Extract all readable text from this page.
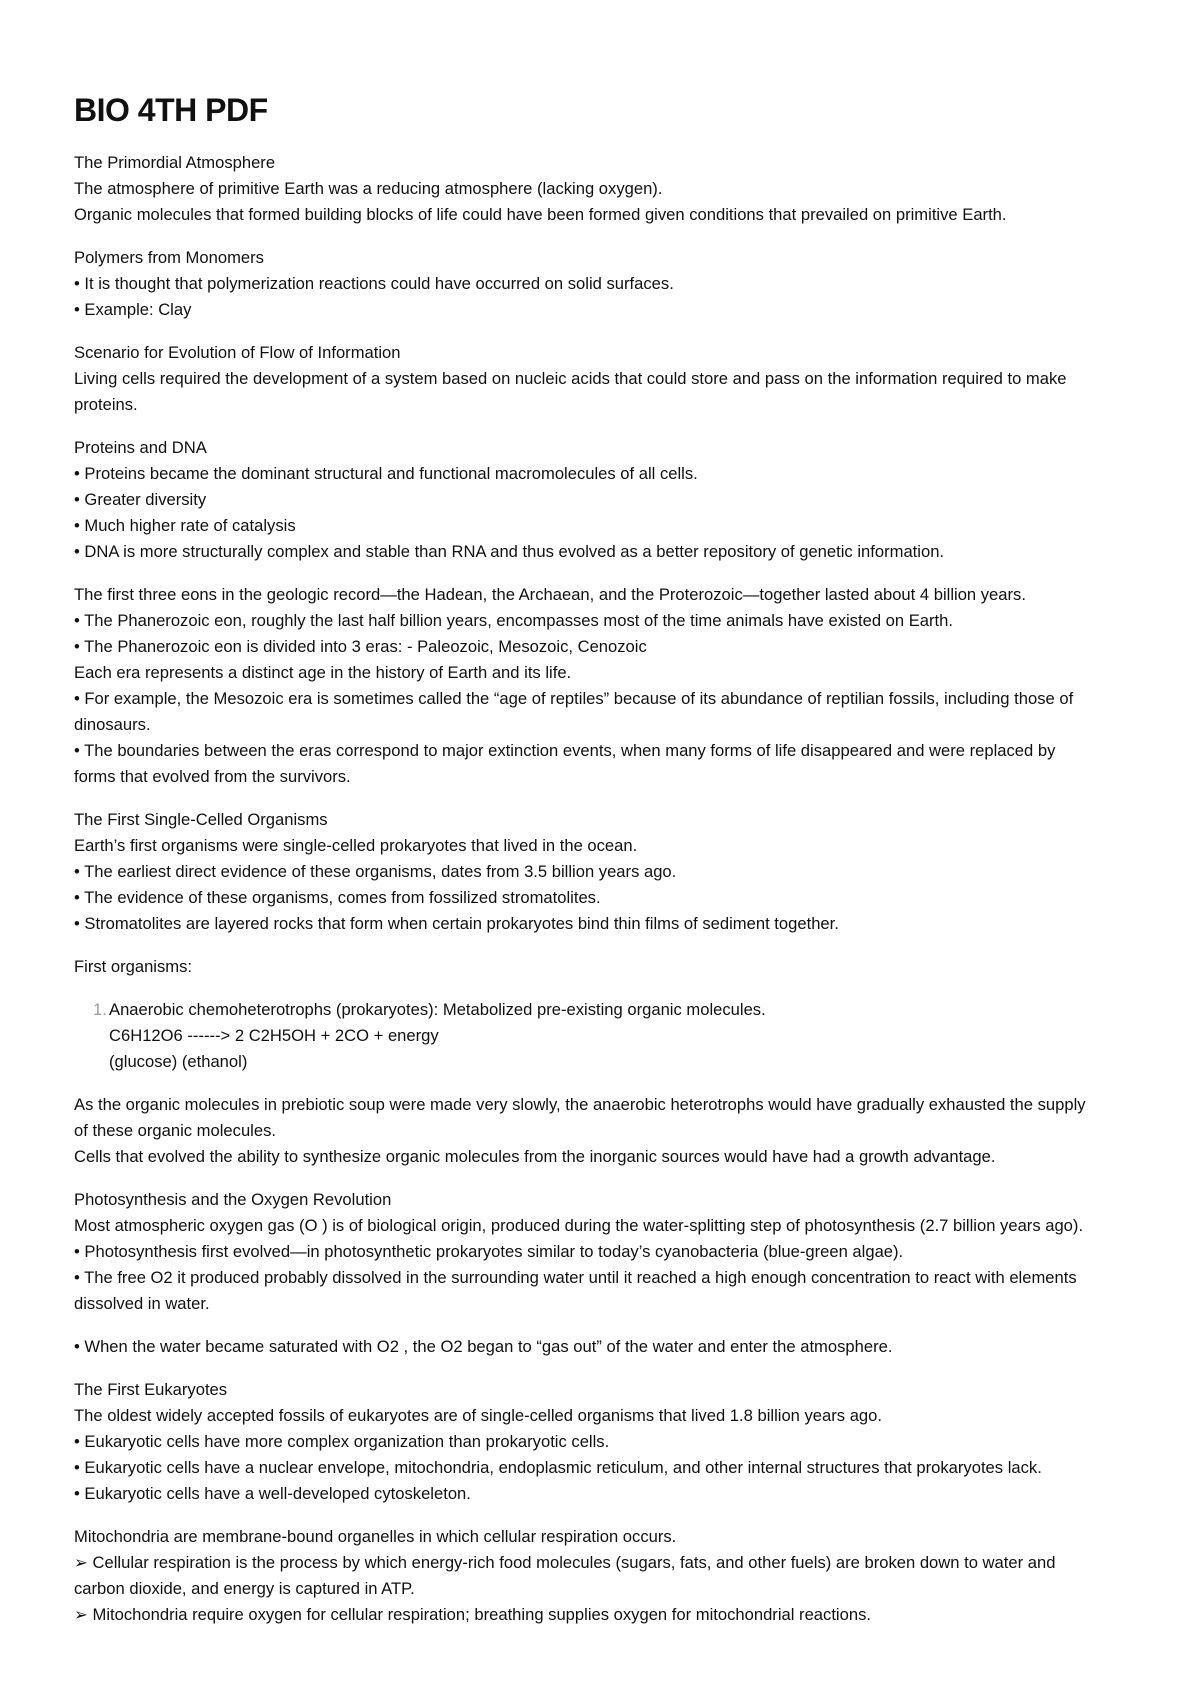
BIO 4TH PDF

The Primordial Atmosphere

The atmosphere of primitive Earth was a reducing atmosphere (lacking oxygen).

Organic molecules that formed building blocks of life could have been formed given conditions that prevailed on primitive Earth.

Polymers from Monomers

• It is thought that polymerization reactions could have occurred on solid surfaces.

• Example: Clay

Scenario for Evolution of Flow of Information

Living cells required the development of a system based on nucleic acids that could store and pass on the information required to make

proteins.

Proteins and DNA

• Proteins became the dominant structural and functional macromolecules of all cells.

• Greater diversity

• Much higher rate of catalysis

• DNA is more structurally complex and stable than RNA and thus evolved as a better repository of genetic information.

The first three eons in the geologic record—the Hadean, the Archaean, and the Proterozoic—together lasted about 4 billion years.

• The Phanerozoic eon, roughly the last half billion years, encompasses most of the time animals have existed on Earth.

• The Phanerozoic eon is divided into 3 eras: - Paleozoic, Mesozoic, Cenozoic

Each era represents a distinct age in the history of Earth and its life.

• For example, the Mesozoic era is sometimes called the “age of reptiles” because of its abundance of reptilian fossils, including those of

dinosaurs.

• The boundaries between the eras correspond to major extinction events, when many forms of life disappeared and were replaced by

forms that evolved from the survivors.

The First Single-Celled Organisms

Earth’s first organisms were single-celled prokaryotes that lived in the ocean.

• The earliest direct evidence of these organisms, dates from 3.5 billion years ago.

• The evidence of these organisms, comes from fossilized stromatolites.

• Stromatolites are layered rocks that form when certain prokaryotes bind thin films of sediment together.

First organisms:

1. Anaerobic chemoheterotrophs (prokaryotes): Metabolized pre-existing organic molecules.

C6H12O6 ------> 2 C2H5OH + 2CO + energy

(glucose) (ethanol)

As the organic molecules in prebiotic soup were made very slowly, the anaerobic heterotrophs would have gradually exhausted the supply

of these organic molecules.

Cells that evolved the ability to synthesize organic molecules from the inorganic sources would have had a growth advantage.

Photosynthesis and the Oxygen Revolution

Most atmospheric oxygen gas (O ) is of biological origin, produced during the water-splitting step of photosynthesis (2.7 billion years ago).

• Photosynthesis first evolved—in photosynthetic prokaryotes similar to today’s cyanobacteria (blue-green algae).

• The free O2 it produced probably dissolved in the surrounding water until it reached a high enough concentration to react with elements

dissolved in water.

• When the water became saturated with O2 , the O2 began to “gas out” of the water and enter the atmosphere.

The First Eukaryotes

The oldest widely accepted fossils of eukaryotes are of single-celled organisms that lived 1.8 billion years ago.

• Eukaryotic cells have more complex organization than prokaryotic cells.

• Eukaryotic cells have a nuclear envelope, mitochondria, endoplasmic reticulum, and other internal structures that prokaryotes lack.

• Eukaryotic cells have a well-developed cytoskeleton.

Mitochondria are membrane-bound organelles in which cellular respiration occurs.

➢ Cellular respiration is the process by which energy-rich food molecules (sugars, fats, and other fuels) are broken down to water and

carbon dioxide, and energy is captured in ATP.

➢ Mitochondria require oxygen for cellular respiration; breathing supplies oxygen for mitochondrial reactions.
